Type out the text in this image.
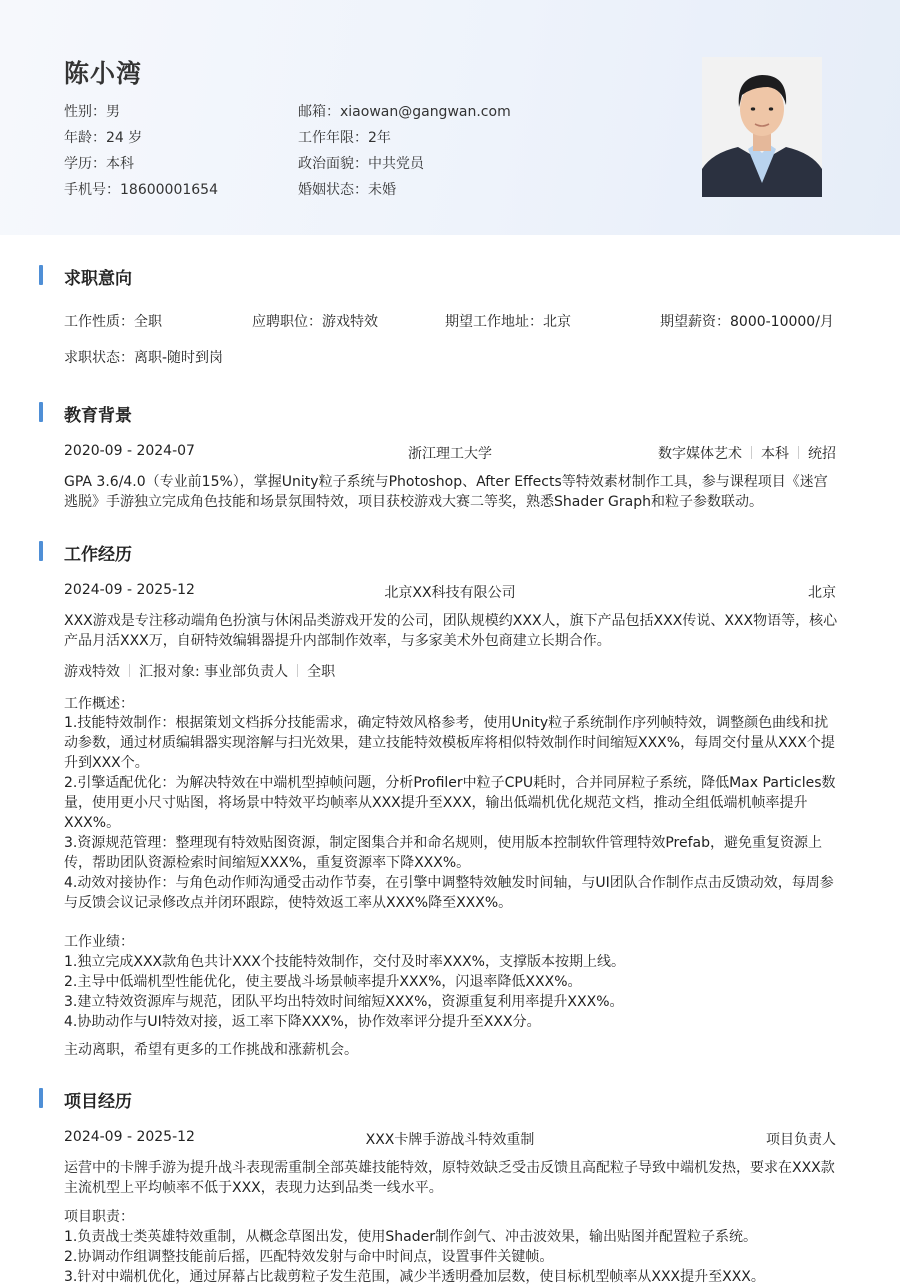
陈小湾
性别：男
年龄：24 岁
学历：本科
手机号：18600001654
邮箱：xiaowan@gangwan.com
工作年限：2年
政治面貌：中共党员
婚姻状态：未婚
求职意向
工作性质：全职	应聘职位：游戏特效	期望工作地址：北京	期望薪资：8000-10000/月
求职状态：离职-随时到岗
教育背景
2020-09 - 2024-07	浙江理工大学	数字媒体艺术 本科 统招

GPA 3.6/4.0（专业前15%），掌握Unity粒子系统与Photoshop、After Effects等特效素材制作工具，参与课程项目《迷宫逃脱》手游独立完成角色技能和场景氛围特效，项目获校游戏大赛二等奖，熟悉Shader Graph和粒子参数联动。

工作经历
2024-09 - 2025-12	北京XX科技有限公司	北京

XXX游戏是专注移动端角色扮演与休闲品类游戏开发的公司，团队规模约XXX人，旗下产品包括XXX传说、XXX物语等，核心产品月活XXX万，自研特效编辑器提升内部制作效率，与多家美术外包商建立长期合作。

游戏特效 汇报对象: 事业部负责人 全职

工作概述：

1.技能特效制作：根据策划文档拆分技能需求，确定特效风格参考，使用Unity粒子系统制作序列帧特效，调整颜色曲线和扰动参数，通过材质编辑器实现溶解与扫光效果，建立技能特效模板库将相似特效制作时间缩短XXX%，每周交付量从XXX个提升到XXX个。

2.引擎适配优化：为解决特效在中端机型掉帧问题，分析Profiler中粒子CPU耗时，合并同屏粒子系统，降低Max Particles数量，使用更小尺寸贴图，将场景中特效平均帧率从XXX提升至XXX，输出低端机优化规范文档，推动全组低端机帧率提升XXX%。

3.资源规范管理：整理现有特效贴图资源，制定图集合并和命名规则，使用版本控制软件管理特效Prefab，避免重复资源上传，帮助团队资源检索时间缩短XXX%，重复资源率下降XXX%。

4.动效对接协作：与角色动作师沟通受击动作节奏，在引擎中调整特效触发时间轴，与UI团队合作制作点击反馈动效，每周参与反馈会议记录修改点并闭环跟踪，使特效返工率从XXX%降至XXX%。

工作业绩：

1.独立完成XXX款角色共计XXX个技能特效制作，交付及时率XXX%，支撑版本按期上线。

2.主导中低端机型性能优化，使主要战斗场景帧率提升XXX%，闪退率降低XXX%。

3.建立特效资源库与规范，团队平均出特效时间缩短XXX%，资源重复利用率提升XXX%。

4.协助动作与UI特效对接，返工率下降XXX%，协作效率评分提升至XXX分。

主动离职，希望有更多的工作挑战和涨薪机会。

项目经历
2024-09 - 2025-12	XXX卡牌手游战斗特效重制	项目负责人

运营中的卡牌手游为提升战斗表现需重制全部英雄技能特效，原特效缺乏受击反馈且高配粒子导致中端机发热，要求在XXX款主流机型上平均帧率不低于XXX，表现力达到品类一线水平。

项目职责：

1.负责战士类英雄特效重制，从概念草图出发，使用Shader制作剑气、冲击波效果，输出贴图并配置粒子系统。

2.协调动作组调整技能前后摇，匹配特效发射与命中时间点，设置事件关键帧。

3.针对中端机优化，通过屏幕占比裁剪粒子发生范围，减少半透明叠加层数，使目标机型帧率从XXX提升至XXX。
